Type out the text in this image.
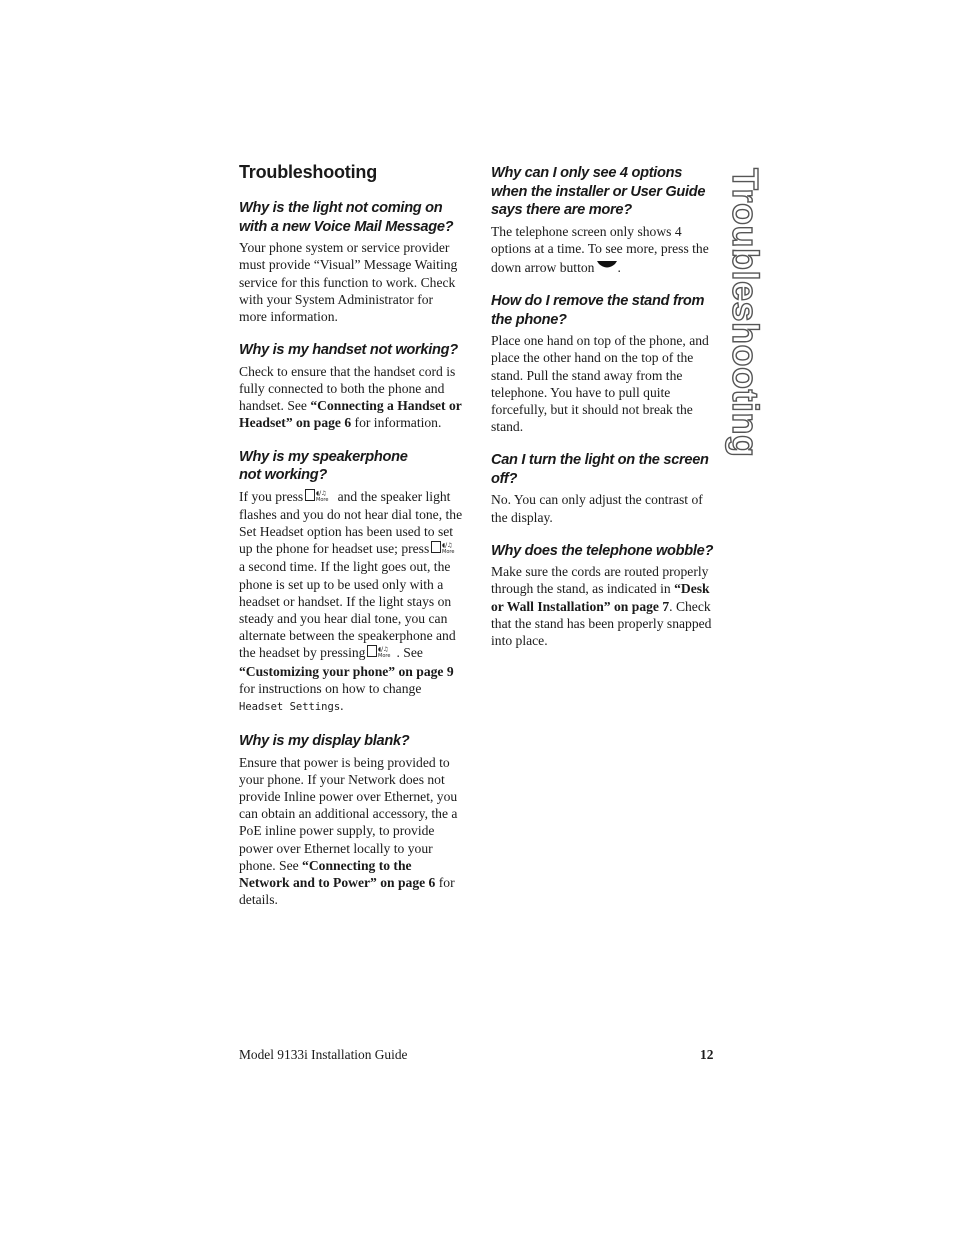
Troubleshooting
Troubleshooting
Why is the light not coming on with a new Voice Mail Message?
Your phone system or service provider must provide “Visual” Message Waiting service for this function to work. Check with your System Administrator for more information.
Why is my handset not working?
Check to ensure that the handset cord is fully connected to both the phone and handset. See “Connecting a Handset or Headset” on page 6 for information.
Why is my speakerphone not working?
If you press ◖/♫
More and the speaker light flashes and you do not hear dial tone, the Set Headset option has been used to set up the phone for headset use; press ◖/♫
More
a second time. If the light goes out, the phone is set up to be used only with a headset or handset. If the light stays on steady and you hear dial tone, you can alternate between the speakerphone and the headset by pressing ◖/♫
More . See “Customizing your phone” on page 9 for instructions on how to change Headset Settings.
Why is my display blank?
Ensure that power is being provided to your phone. If your Network does not provide Inline power over Ethernet, you can obtain an additional accessory, the a PoE inline power supply, to provide power over Ethernet locally to your phone. See “Connecting to the Network and to Power” on page 6 for details.
Why can I only see 4 options when the installer or User Guide says there are more?
The telephone screen only shows 4 options at a time. To see more, press the down arrow button .
How do I remove the stand from the phone?
Place one hand on top of the phone, and place the other hand on the top of the stand. Pull the stand away from the telephone. You have to pull quite forcefully, but it should not break the stand.
Can I turn the light on the screen off?
No. You can only adjust the contrast of the display.
Why does the telephone wobble?
Make sure the cords are routed properly through the stand, as indicated in “Desk or Wall Installation” on page 7. Check that the stand has been properly snapped into place.
Model 9133i Installation Guide	12
